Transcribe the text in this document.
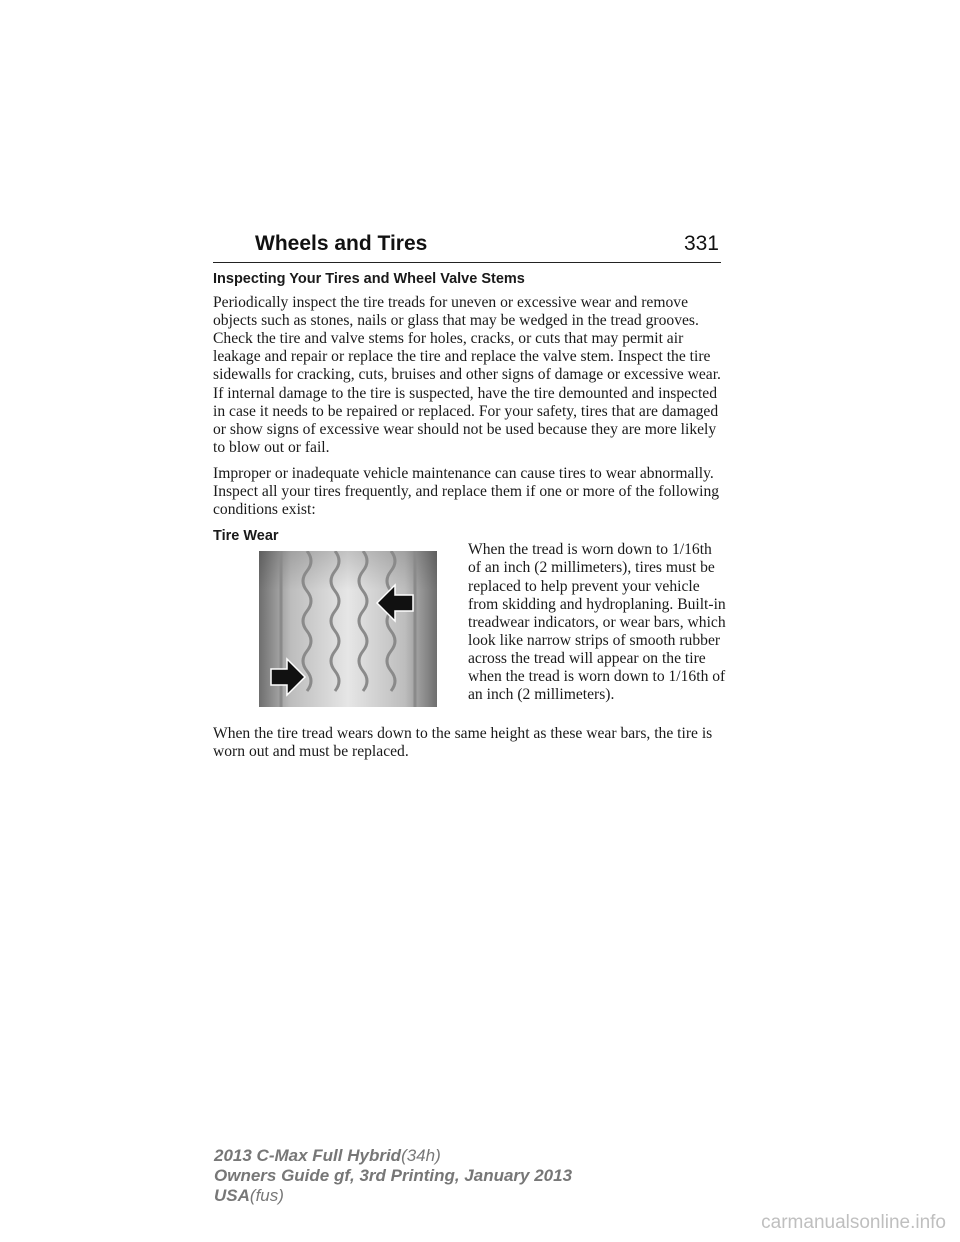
Wheels and Tires	331
Inspecting Your Tires and Wheel Valve Stems

Periodically inspect the tire treads for uneven or excessive wear and remove objects such as stones, nails or glass that may be wedged in the tread grooves. Check the tire and valve stems for holes, cracks, or cuts that may permit air leakage and repair or replace the tire and replace the valve stem. Inspect the tire sidewalls for cracking, cuts, bruises and other signs of damage or excessive wear. If internal damage to the tire is suspected, have the tire demounted and inspected in case it needs to be repaired or replaced. For your safety, tires that are damaged or show signs of excessive wear should not be used because they are more likely to blow out or fail.

Improper or inadequate vehicle maintenance can cause tires to wear abnormally. Inspect all your tires frequently, and replace them if one or more of the following conditions exist:

Tire Wear
When the tread is worn down to 1/16th of an inch (2 millimeters), tires must be replaced to help prevent your vehicle from skidding and hydroplaning. Built-in treadwear indicators, or wear bars, which look like narrow strips of smooth rubber across the tread will appear on the tire when the tread is worn down to 1/16th of an inch (2 millimeters).

When the tire tread wears down to the same height as these wear bars, the tire is worn out and must be replaced.

2013 C-Max Full Hybrid(34h)
Owners Guide gf, 3rd Printing, January 2013
USA(fus)
carmanualsonline.info
